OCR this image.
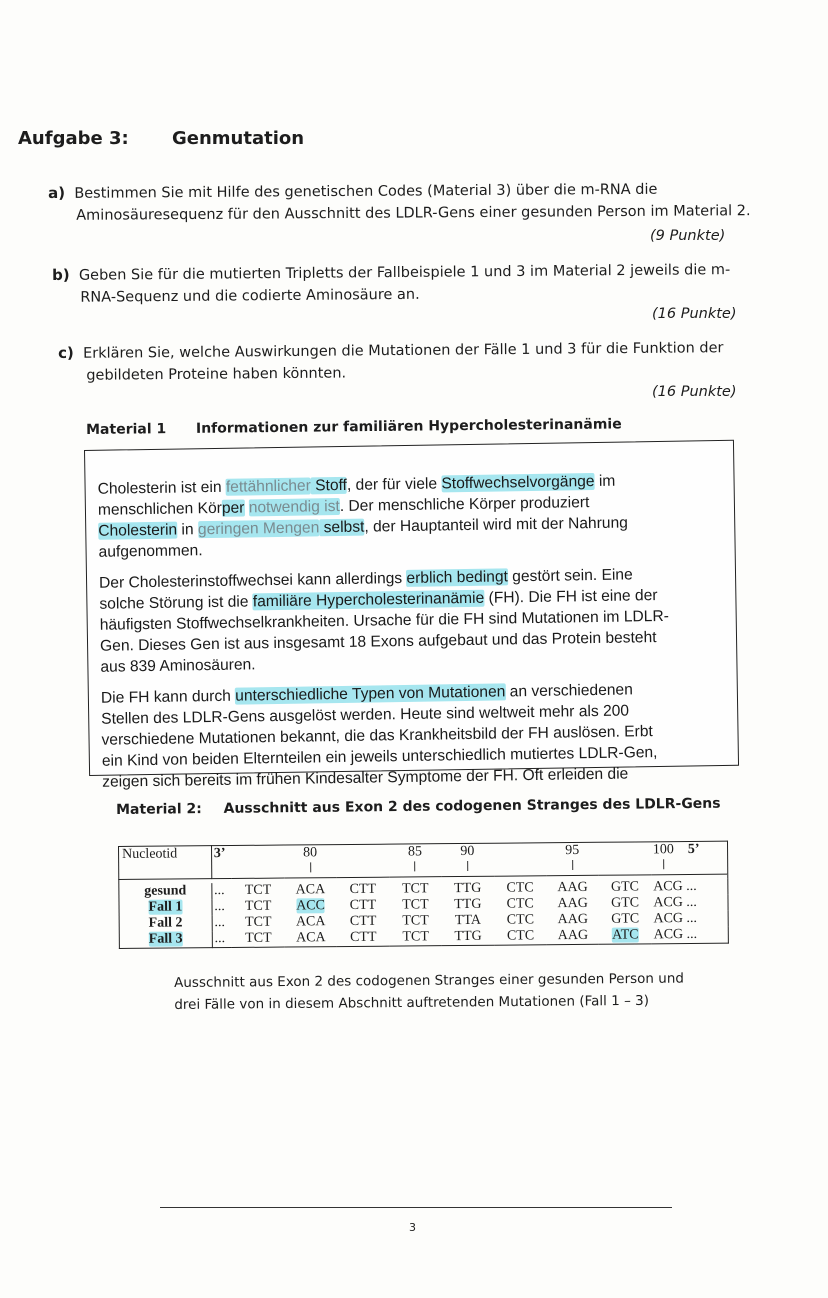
Aufgabe 3: Genmutation
a) Bestimmen Sie mit Hilfe des genetischen Codes (Material 3) über die m-RNA die
Aminosäuresequenz für den Ausschnitt des LDLR-Gens einer gesunden Person im Material 2.
(9 Punkte)
b) Geben Sie für die mutierten Tripletts der Fallbeispiele 1 und 3 im Material 2 jeweils die m-
RNA-Sequenz und die codierte Aminosäure an.
(16 Punkte)
c) Erklären Sie, welche Auswirkungen die Mutationen der Fälle 1 und 3 für die Funktion der
gebildeten Proteine haben könnten.
(16 Punkte)
Material 1 Informationen zur familiären Hypercholesterinanämie

Cholesterin ist ein fettähnlicher Stoff, der für viele Stoffwechselvorgänge im
menschlichen Körper notwendig ist. Der menschliche Körper produziert
Cholesterin in geringen Mengen selbst, der Hauptanteil wird mit der Nahrung
aufgenommen.

Der Cholesterinstoffwechsei kann allerdings erblich bedingt gestört sein. Eine
solche Störung ist die familiäre Hypercholesterinanämie (FH). Die FH ist eine der
häufigsten Stoffwechselkrankheiten. Ursache für die FH sind Mutationen im LDLR-
Gen. Dieses Gen ist aus insgesamt 18 Exons aufgebaut und das Protein besteht
aus 839 Aminosäuren.

Die FH kann durch unterschiedliche Typen von Mutationen an verschiedenen
Stellen des LDLR-Gens ausgelöst werden. Heute sind weltweit mehr als 200
verschiedene Mutationen bekannt, die das Krankheitsbild der FH auslösen. Erbt
ein Kind von beiden Elternteilen ein jeweils unterschiedlich mutiertes LDLR-Gen,
zeigen sich bereits im frühen Kindesalter Symptome der FH. Oft erleiden die

Material 2: Ausschnitt aus Exon 2 des codogenen Stranges des LDLR-Gens
Nucleotid	3’		80		85	90		95		100 5’

gesund	...	TCT	ACA	CTT	TCT	TTG	CTC	AAG	GTC	ACG ...
Fall 1	...	TCT	ACC	CTT	TCT	TTG	CTC	AAG	GTC	ACG ...
Fall 2	...	TCT	ACA	CTT	TCT	TTA	CTC	AAG	GTC	ACG ...
Fall 3	...	TCT	ACA	CTT	TCT	TTG	CTC	AAG	ATC	ACG ...
Ausschnitt aus Exon 2 des codogenen Stranges einer gesunden Person und
drei Fälle von in diesem Abschnitt auftretenden Mutationen (Fall 1 – 3)
3
